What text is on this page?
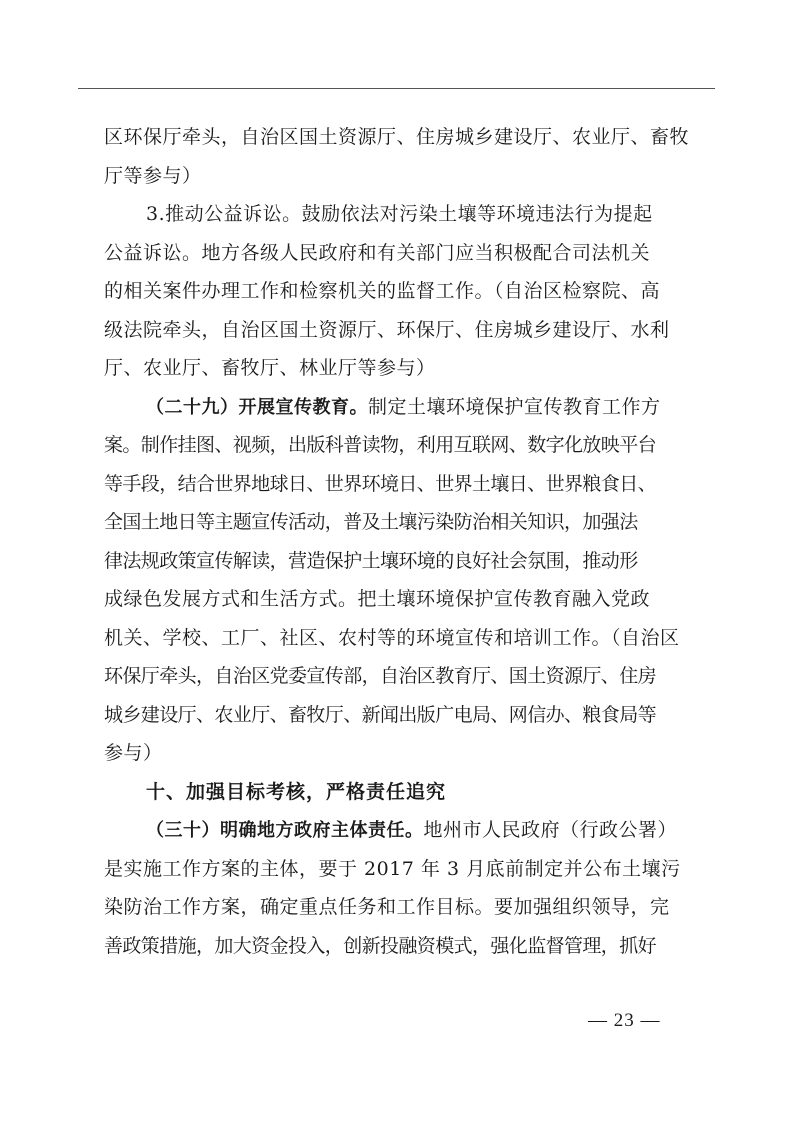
区环保厅牵头，自治区国土资源厅、住房城乡建设厅、农业厅、畜牧
厅等参与）
3.推动公益诉讼。鼓励依法对污染土壤等环境违法行为提起
公益诉讼。地方各级人民政府和有关部门应当积极配合司法机关
的相关案件办理工作和检察机关的监督工作。（自治区检察院、高
级法院牵头，自治区国土资源厅、环保厅、住房城乡建设厅、水利
厅、农业厅、畜牧厅、林业厅等参与）
（二十九）开展宣传教育。制定土壤环境保护宣传教育工作方
案。制作挂图、视频，出版科普读物，利用互联网、数字化放映平台
等手段，结合世界地球日、世界环境日、世界土壤日、世界粮食日、
全国土地日等主题宣传活动，普及土壤污染防治相关知识，加强法
律法规政策宣传解读，营造保护土壤环境的良好社会氛围，推动形
成绿色发展方式和生活方式。把土壤环境保护宣传教育融入党政
机关、学校、工厂、社区、农村等的环境宣传和培训工作。（自治区
环保厅牵头，自治区党委宣传部，自治区教育厅、国土资源厅、住房
城乡建设厅、农业厅、畜牧厅、新闻出版广电局、网信办、粮食局等
参与）
十、加强目标考核，严格责任追究
（三十）明确地方政府主体责任。地州市人民政府（行政公署）
是实施工作方案的主体，要于 2017 年 3 月底前制定并公布土壤污
染防治工作方案，确定重点任务和工作目标。要加强组织领导，完
善政策措施，加大资金投入，创新投融资模式，强化监督管理，抓好
— 23 —
